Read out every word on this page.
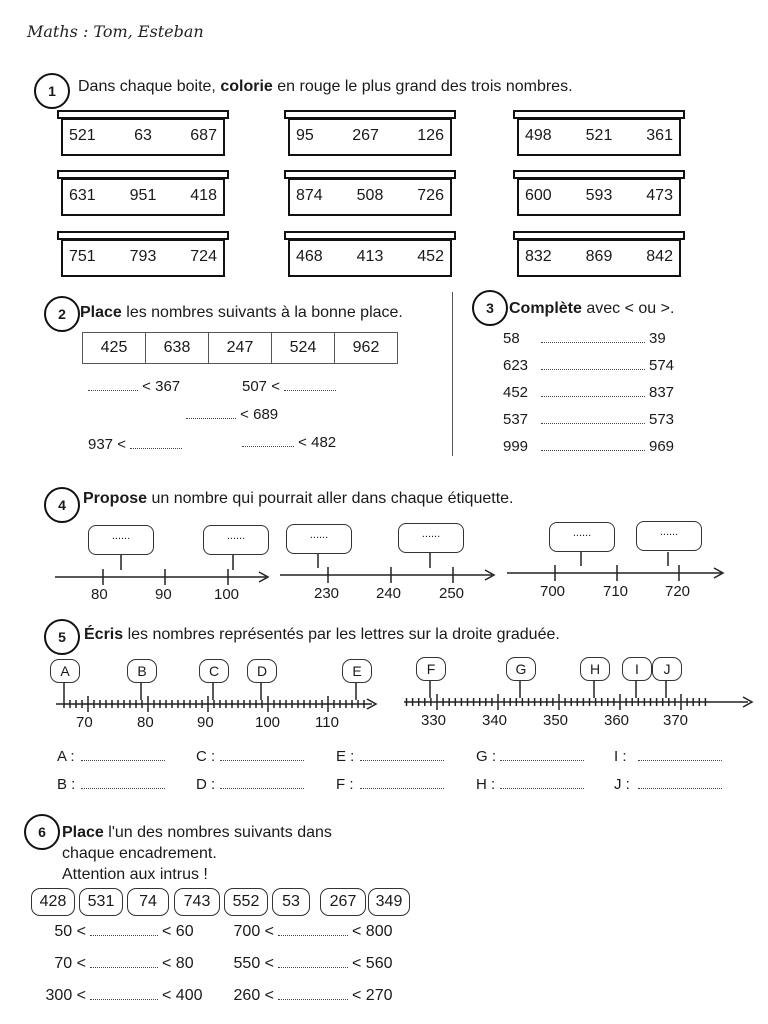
Maths : Tom, Esteban
1	Dans chaque boite, colorie en rouge le plus grand des trois nombres.
521 63 687	95 267 126	498 521 361
631 951 418	874 508 726	600 593 473
751 793 724	468 413 452	832 869 842
2 Place les nombres suivants à la bonne place.
425	638	247	524	962
< 367	507 <
< 689
937 <	< 482
3 Complète avec < ou >.
58	39
623	574
452	837
537	573
999	969
4	Propose un nombre qui pourrait aller dans chaque étiquette.
......	......	......	......	......	......
80	90	100	230 240	250	700	710 720
5	Écris les nombres représentés par les lettres sur la droite graduée.
A	B	C	D	E	F	G	H	I	J
70	80	90	100 110	330 340 350 360 370
A :
B :
C :
D :
E :
F :
G :
H :
I :
J :
6	Place l'un des nombres suivants dans
chaque encadrement.
Attention aux intrus !
428	531	74	743	552	53	267	349
50 <	< 60	700 <	< 800
70 <	< 80	550 <	< 560
300 <	< 400	260 <	< 270
